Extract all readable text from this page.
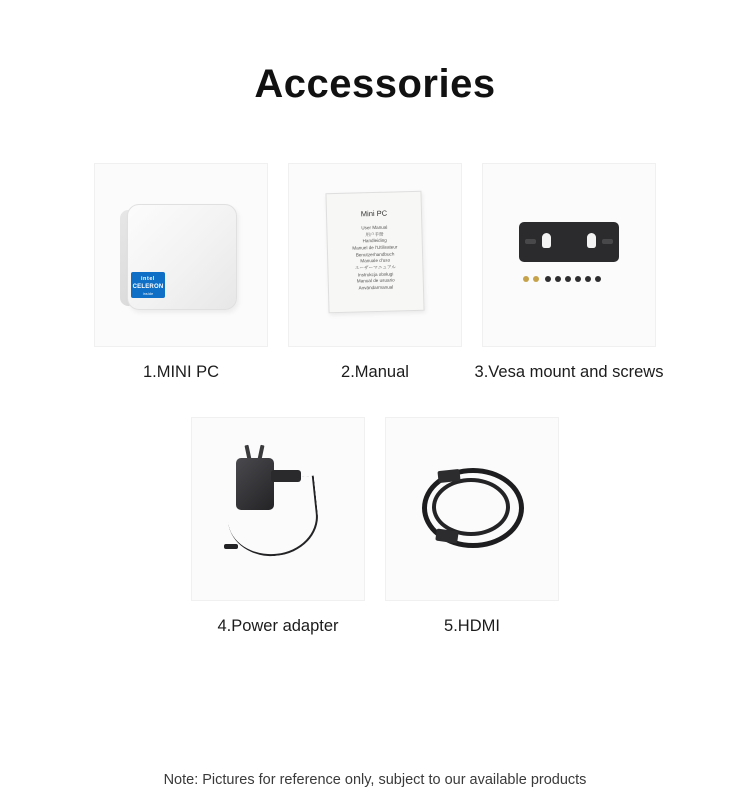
Accessories
intel
CELERON
inside
1.MINI PC
Mini PC
User Manual
用户手册
Handleiding
Manuel de l'Utilisateur
Benutzerhandbuch
Manuale d'uso
ユーザーマニュアル
Instrukcja obsługi
Manual de usuario
Användarmanual
2.Manual	3.Vesa mount and screws
4.Power adapter	5.HDMI
Note: Pictures for reference only, subject to our available products
